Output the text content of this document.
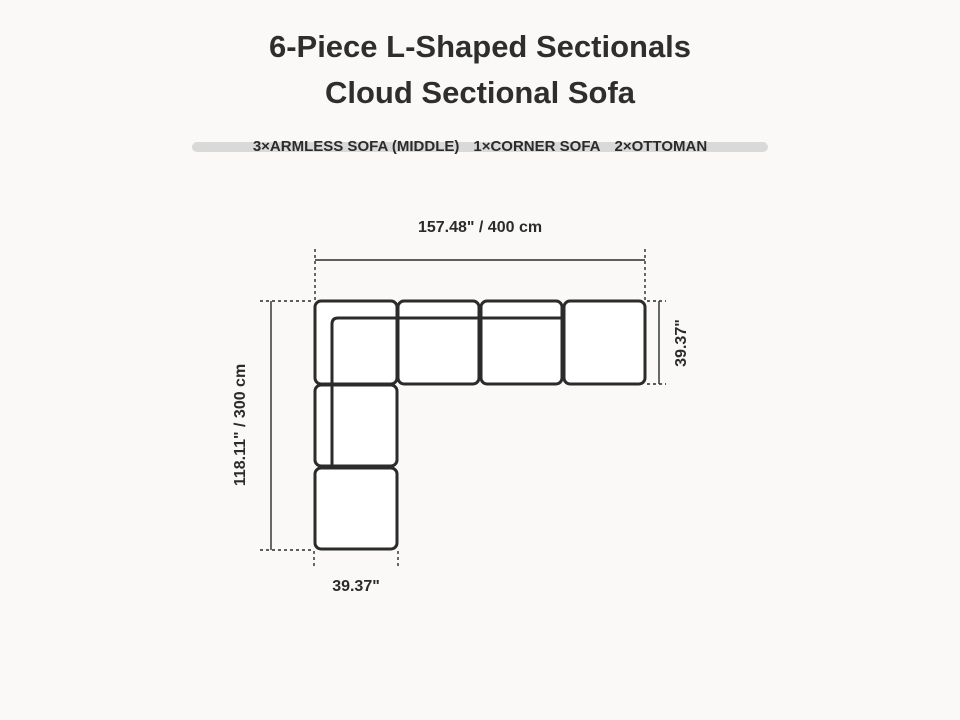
6-Piece L-Shaped Sectionals
Cloud Sectional Sofa
3×ARMLESS SOFA (MIDDLE) 1×CORNER SOFA 2×OTTOMAN
157.48" / 400 cm
118.11" / 300 cm
39.37"
39.37"
